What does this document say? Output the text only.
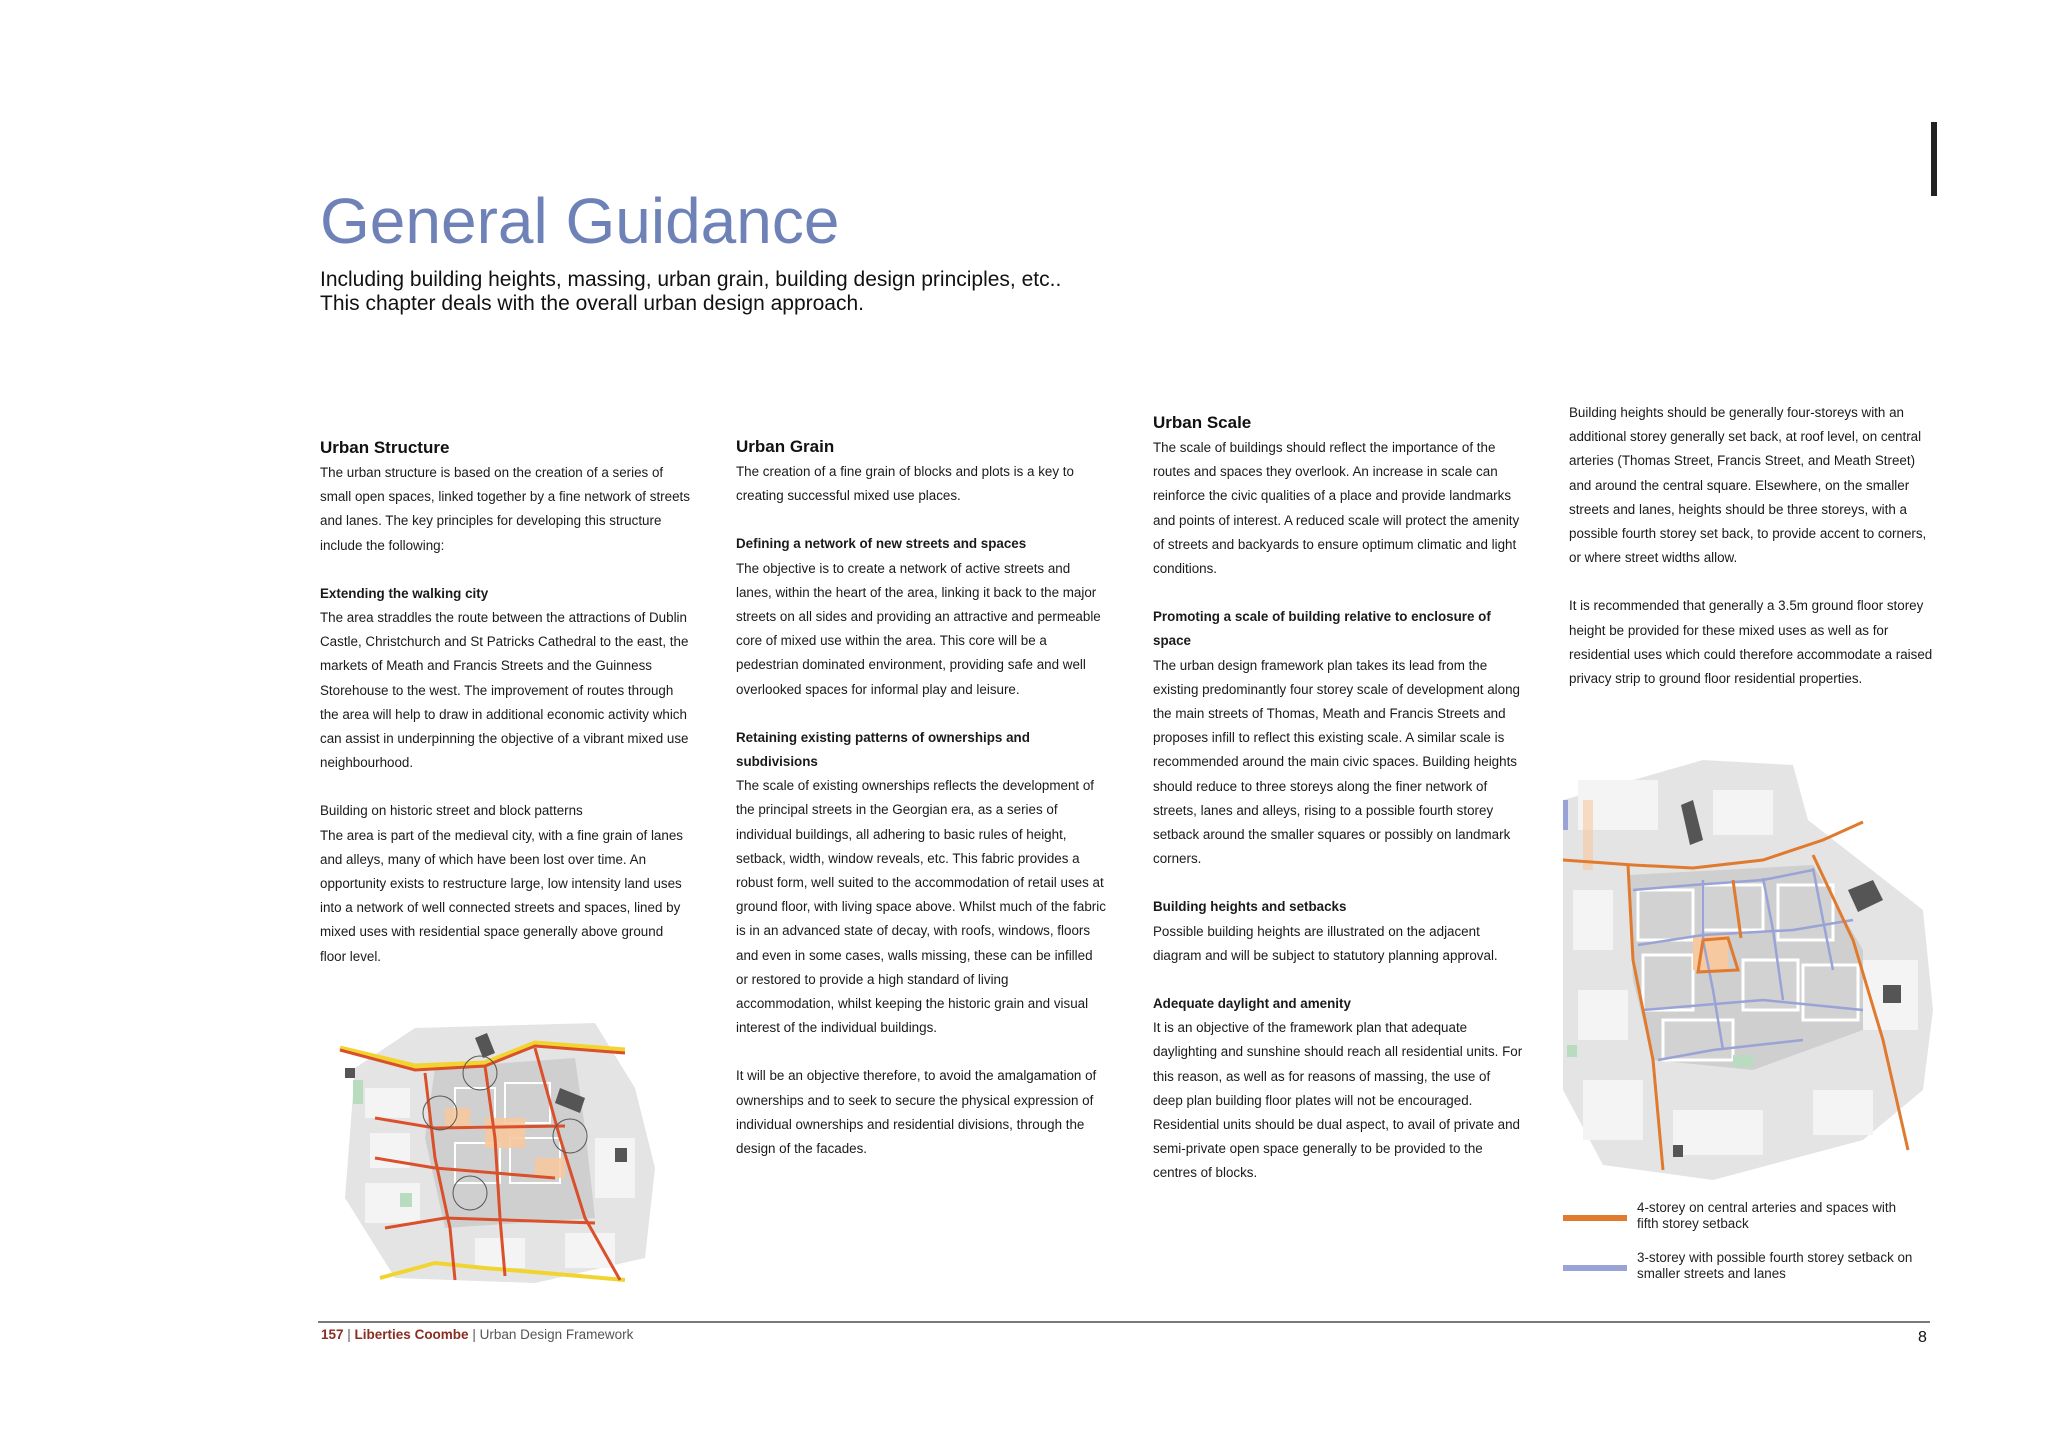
General Guidance
Including building heights, massing, urban grain, building design principles, etc..
This chapter deals with the overall urban design approach.
Urban Structure

The urban structure is based on the creation of a series of small open spaces, linked together by a fine network of streets and lanes. The key principles for developing this structure include the following:

Extending the walking city

The area straddles the route between the attractions of Dublin Castle, Christchurch and St Patricks Cathedral to the east, the markets of Meath and Francis Streets and the Guinness Storehouse to the west. The improvement of routes through the area will help to draw in additional economic activity which can assist in underpinning the objective of a vibrant mixed use neighbourhood.

Building on historic street and block patterns

The area is part of the medieval city, with a fine grain of lanes and alleys, many of which have been lost over time. An opportunity exists to restructure large, low intensity land uses into a network of well connected streets and spaces, lined by mixed uses with residential space generally above ground floor level.

Urban Grain

The creation of a fine grain of blocks and plots is a key to creating successful mixed use places.

Defining a network of new streets and spaces

The objective is to create a network of active streets and lanes, within the heart of the area, linking it back to the major streets on all sides and providing an attractive and permeable core of mixed use within the area. This core will be a pedestrian dominated environment, providing safe and well overlooked spaces for informal play and leisure.

Retaining existing patterns of ownerships and subdivisions

The scale of existing ownerships reflects the development of the principal streets in the Georgian era, as a series of individual buildings, all adhering to basic rules of height, setback, width, window reveals, etc. This fabric provides a robust form, well suited to the accommodation of retail uses at ground floor, with living space above. Whilst much of the fabric is in an advanced state of decay, with roofs, windows, floors and even in some cases, walls missing, these can be infilled or restored to provide a high standard of living accommodation, whilst keeping the historic grain and visual interest of the individual buildings.

It will be an objective therefore, to avoid the amalgamation of ownerships and to seek to secure the physical expression of individual ownerships and residential divisions, through the design of the facades.

Urban Scale

The scale of buildings should reflect the importance of the routes and spaces they overlook. An increase in scale can reinforce the civic qualities of a place and provide landmarks and points of interest. A reduced scale will protect the amenity of streets and backyards to ensure optimum climatic and light conditions.

Promoting a scale of building relative to enclosure of space

The urban design framework plan takes its lead from the existing predominantly four storey scale of development along the main streets of Thomas, Meath and Francis Streets and proposes infill to reflect this existing scale. A similar scale is recommended around the main civic spaces. Building heights should reduce to three storeys along the finer network of streets, lanes and alleys, rising to a possible fourth storey setback around the smaller squares or possibly on landmark corners.

Building heights and setbacks

Possible building heights are illustrated on the adjacent diagram and will be subject to statutory planning approval.

Adequate daylight and amenity

It is an objective of the framework plan that adequate daylighting and sunshine should reach all residential units. For this reason, as well as for reasons of massing, the use of deep plan building floor plates will not be encouraged. Residential units should be dual aspect, to avail of private and semi-private open space generally to be provided to the centres of blocks.

Building heights should be generally four-storeys with an additional storey generally set back, at roof level, on central arteries (Thomas Street, Francis Street, and Meath Street) and around the central square. Elsewhere, on the smaller streets and lanes, heights should be three storeys, with a possible fourth storey set back, to provide accent to corners, or where street widths allow.

It is recommended that generally a 3.5m ground floor storey height be provided for these mixed uses as well as for residential uses which could therefore accommodate a raised privacy strip to ground floor residential properties.

4-storey on central arteries and spaces with
fifth storey setback
3-storey with possible fourth storey setback on
smaller streets and lanes
157 | Liberties Coombe | Urban Design Framework	8
